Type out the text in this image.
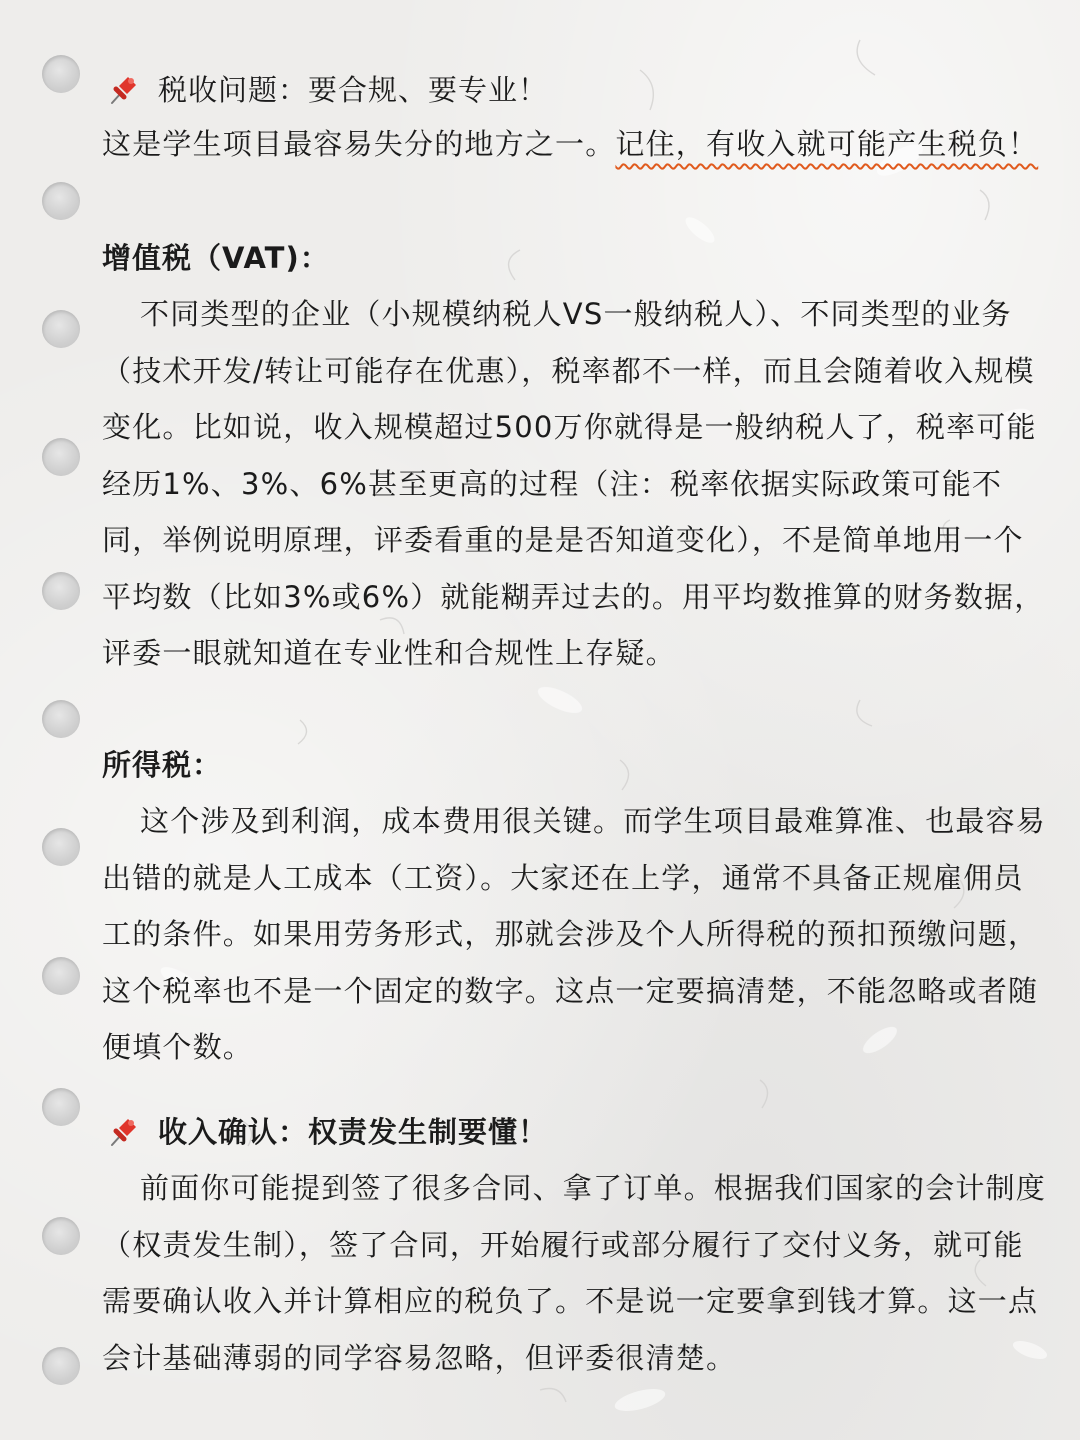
税收问题：要合规、要专业！

这是学生项目最容易失分的地方之一。记住，有收入就可能产生税负！

增值税（VAT)：

不同类型的企业（小规模纳税人VS一般纳税人）、不同类型的业务（技术开发/转让可能存在优惠），税率都不一样，而且会随着收入规模变化。比如说，收入规模超过500万你就得是一般纳税人了，税率可能经历1%、3%、6%甚至更高的过程（注：税率依据实际政策可能不同，举例说明原理，评委看重的是是否知道变化），不是简单地用一个平均数（比如3%或6%）就能糊弄过去的。用平均数推算的财务数据，评委一眼就知道在专业性和合规性上存疑。

所得税：

这个涉及到利润，成本费用很关键。而学生项目最难算准、也最容易出错的就是人工成本（工资）。大家还在上学，通常不具备正规雇佣员工的条件。如果用劳务形式，那就会涉及个人所得税的预扣预缴问题，这个税率也不是一个固定的数字。这点一定要搞清楚，不能忽略或者随便填个数。

收入确认：权责发生制要懂！

前面你可能提到签了很多合同、拿了订单。根据我们国家的会计制度（权责发生制），签了合同，开始履行或部分履行了交付义务，就可能需要确认收入并计算相应的税负了。不是说一定要拿到钱才算。这一点会计基础薄弱的同学容易忽略，但评委很清楚。
